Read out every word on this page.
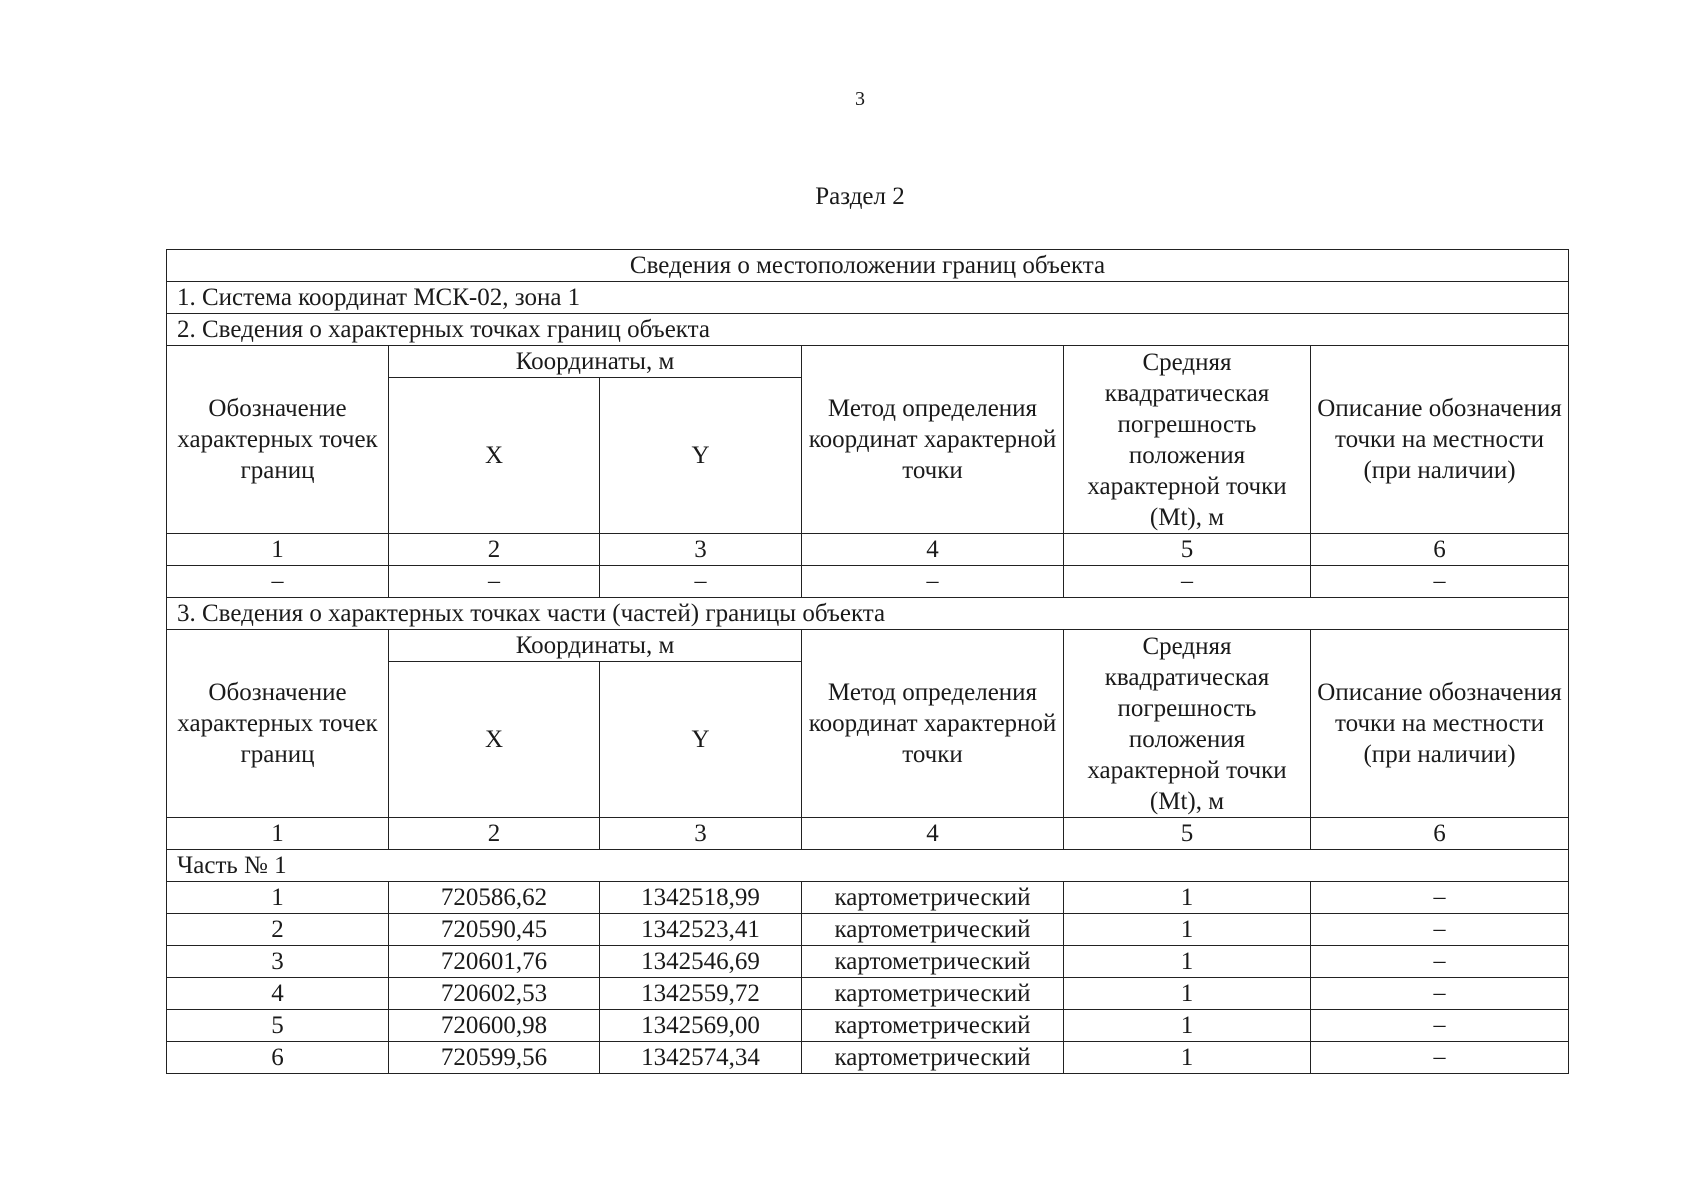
3
Раздел 2
Сведения о местоположении границ объекта					
1. Система координат МСК-02, зона 1					
2. Сведения о характерных точках границ объекта					
Обозначение характерных точек границ	Координаты, м		Метод определения координат характерной точки	Средняя квадратическая погрешность положения характерной точки (Mt), м	Описание обозначения точки на местности (при наличии)
	X	Y			
1	2	3	4	5	6
–	–	–	–	–	–
3. Сведения о характерных точках части (частей) границы объекта					
Обозначение характерных точек границ	Координаты, м		Метод определения координат характерной точки	Средняя квадратическая погрешность положения характерной точки (Mt), м	Описание обозначения точки на местности (при наличии)
	X	Y			
1	2	3	4	5	6
Часть № 1					
1	720586,62	1342518,99	картометрический	1	–
2	720590,45	1342523,41	картометрический	1	–
3	720601,76	1342546,69	картометрический	1	–
4	720602,53	1342559,72	картометрический	1	–
5	720600,98	1342569,00	картометрический	1	–
6	720599,56	1342574,34	картометрический	1	–
